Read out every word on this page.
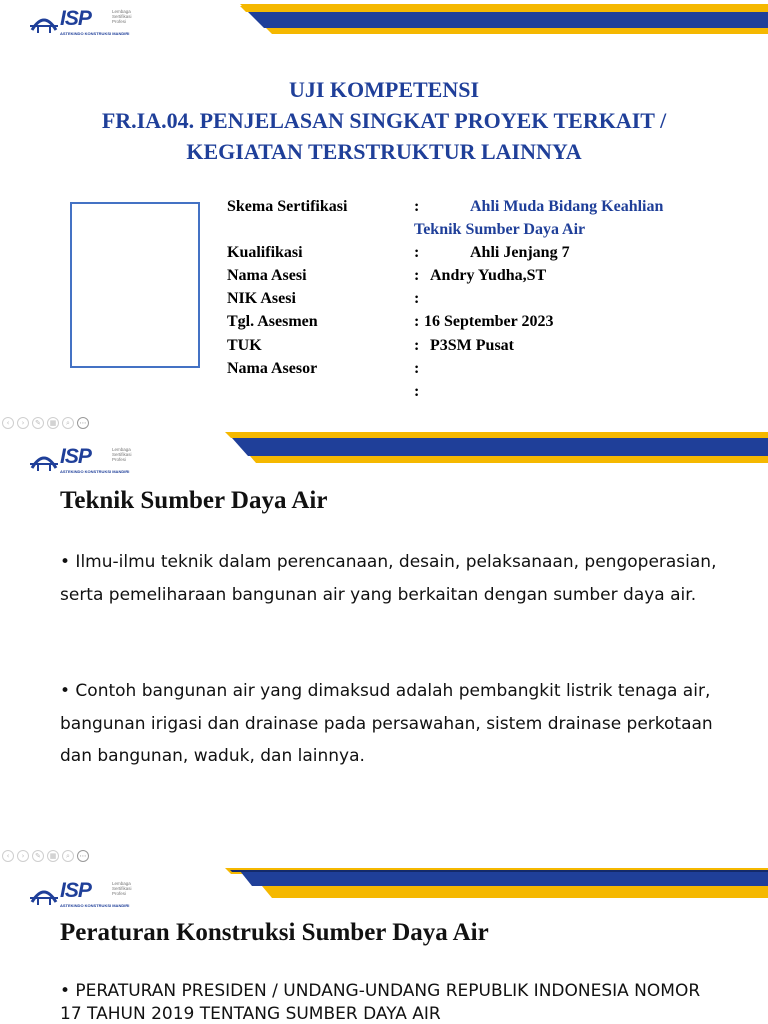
ISP	Lembaga Sertifikasi Profesi
ASTEKINDO KONSTRUKSI MANDIRI
UJI KOMPETENSI
FR.IA.04. PENJELASAN SINGKAT PROYEK TERKAIT /
KEGIATAN TERSTRUKTUR LAINNYA
Skema Sertifikasi	:	Ahli Muda Bidang Keahlian
Teknik Sumber Daya Air
Kualifikasi	:	Ahli Jenjang 7
Nama Asesi	: Andry Yudha,ST
NIK Asesi	:
Tgl. Asesmen	: 16 September 2023
TUK	: P3SM Pusat
Nama Asesor	:
:
‹	›	✎	▦	⌕	⋯
ISP	Lembaga Sertifikasi Profesi
ASTEKINDO KONSTRUKSI MANDIRI
Teknik Sumber Daya Air
• Ilmu-ilmu teknik dalam perencanaan, desain, pelaksanaan, pengoperasian, serta pemeliharaan bangunan air yang berkaitan dengan sumber daya air.
• Contoh bangunan air yang dimaksud adalah pembangkit listrik tenaga air, bangunan irigasi dan drainase pada persawahan, sistem drainase perkotaan dan bangunan, waduk, dan lainnya.
‹	›	✎	▦	⌕	⋯
ISP	Lembaga Sertifikasi Profesi
ASTEKINDO KONSTRUKSI MANDIRI
Peraturan Konstruksi Sumber Daya Air
• PERATURAN PRESIDEN / UNDANG-UNDANG REPUBLIK INDONESIA NOMOR 17 TAHUN 2019 TENTANG SUMBER DAYA AIR
